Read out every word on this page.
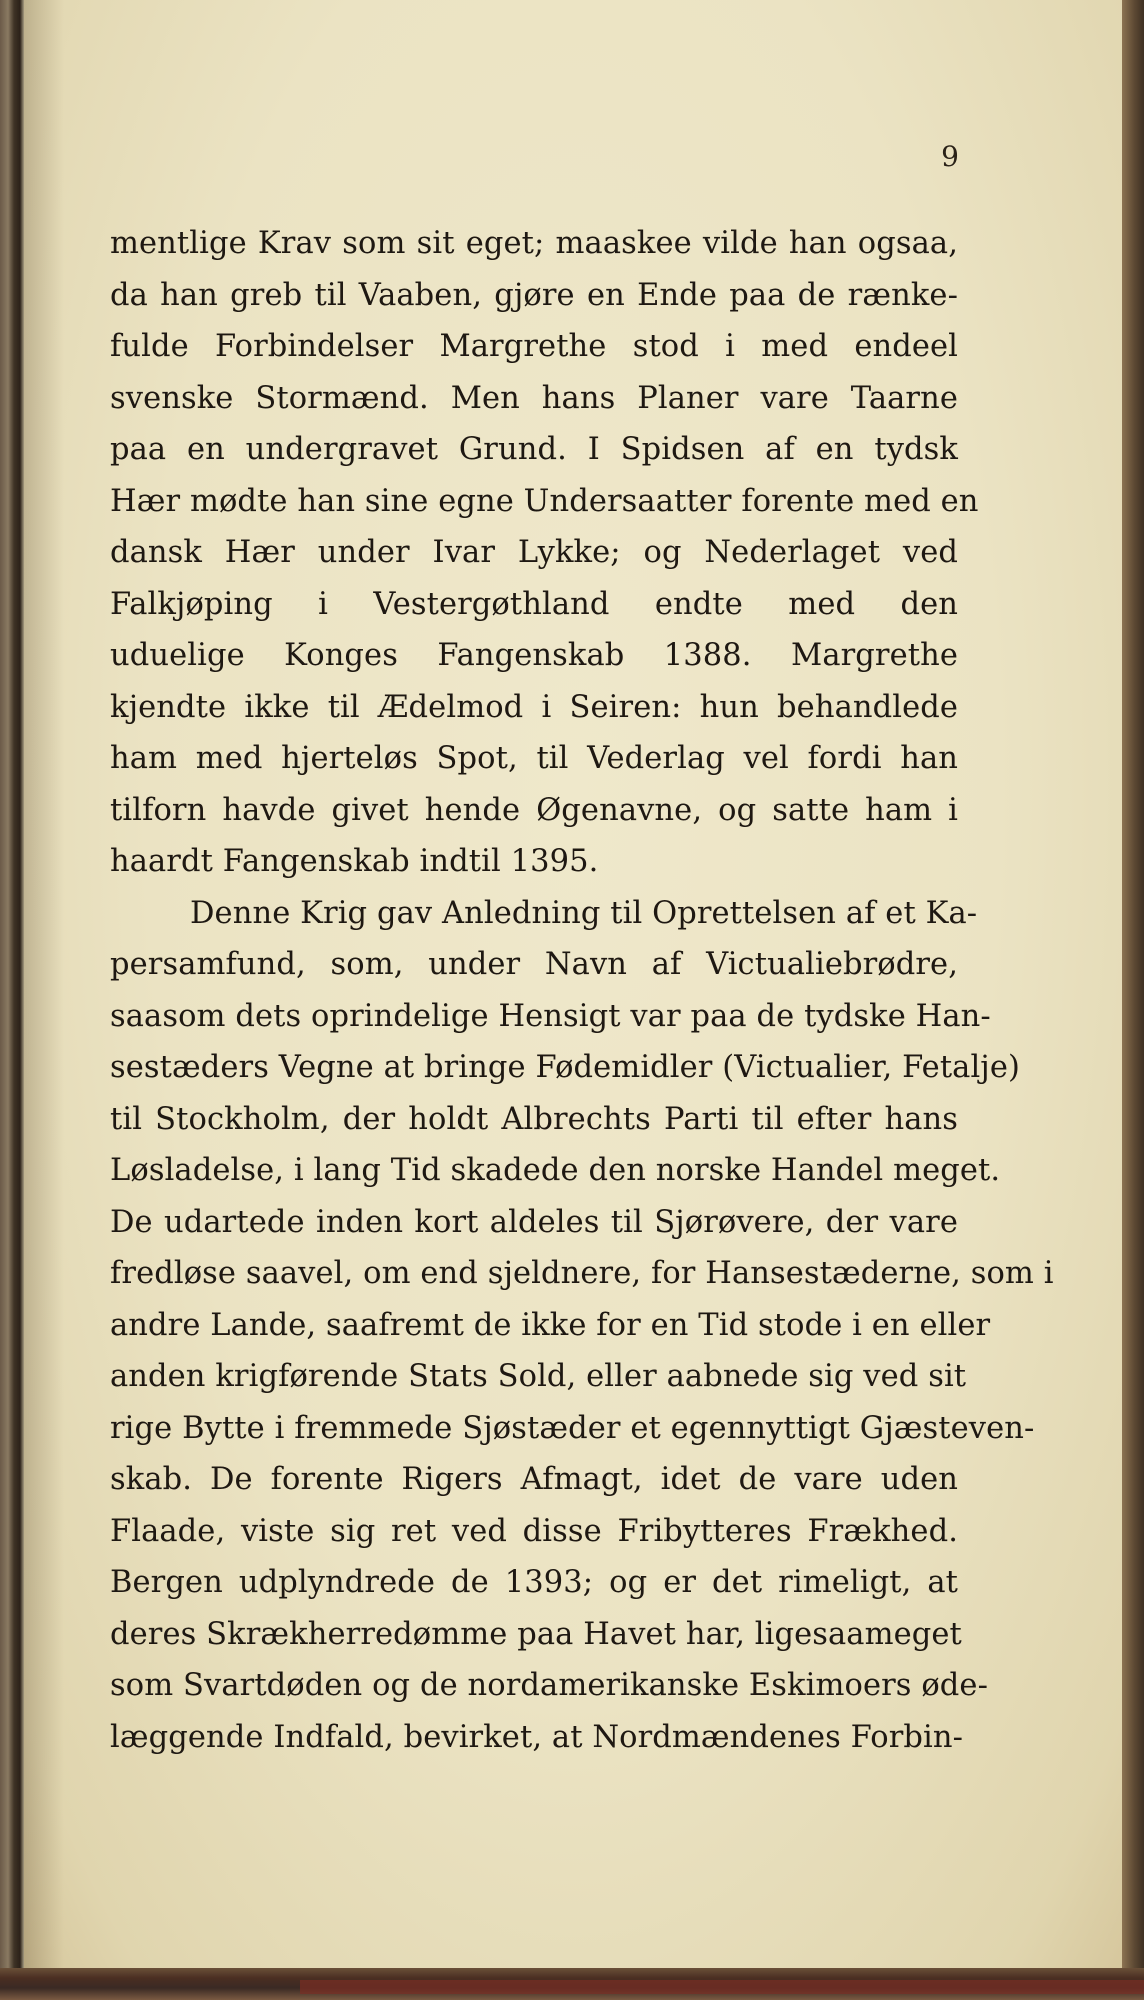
9
mentlige Krav som sit eget; maaskee vilde han ogsaa,
da han greb til Vaaben, gjøre en Ende paa de rænke-
fulde Forbindelser Margrethe stod i med endeel
svenske Stormænd. Men hans Planer vare Taarne
paa en undergravet Grund. I Spidsen af en tydsk
Hær mødte han sine egne Undersaatter forente med en
dansk Hær under Ivar Lykke; og Nederlaget ved
Falkjøping i Vestergøthland endte med den
uduelige Konges Fangenskab 1388. Margrethe
kjendte ikke til Ædelmod i Seiren: hun behandlede
ham med hjerteløs Spot, til Vederlag vel fordi han
tilforn havde givet hende Øgenavne, og satte ham i
haardt Fangenskab indtil 1395.
Denne Krig gav Anledning til Oprettelsen af et Ka-
persamfund, som, under Navn af Victualiebrødre,
saasom dets oprindelige Hensigt var paa de tydske Han-
sestæders Vegne at bringe Fødemidler (Victualier, Fetalje)
til Stockholm, der holdt Albrechts Parti til efter hans
Løsladelse, i lang Tid skadede den norske Handel meget.
De udartede inden kort aldeles til Sjørøvere, der vare
fredløse saavel, om end sjeldnere, for Hansestæderne, som i
andre Lande, saafremt de ikke for en Tid stode i en eller
anden krigførende Stats Sold, eller aabnede sig ved sit
rige Bytte i fremmede Sjøstæder et egennyttigt Gjæsteven-
skab. De forente Rigers Afmagt, idet de vare uden
Flaade, viste sig ret ved disse Fribytteres Frækhed.
Bergen udplyndrede de 1393; og er det rimeligt, at
deres Skrækherredømme paa Havet har, ligesaameget
som Svartdøden og de nordamerikanske Eskimoers øde-
læggende Indfald, bevirket, at Nordmændenes Forbin-
